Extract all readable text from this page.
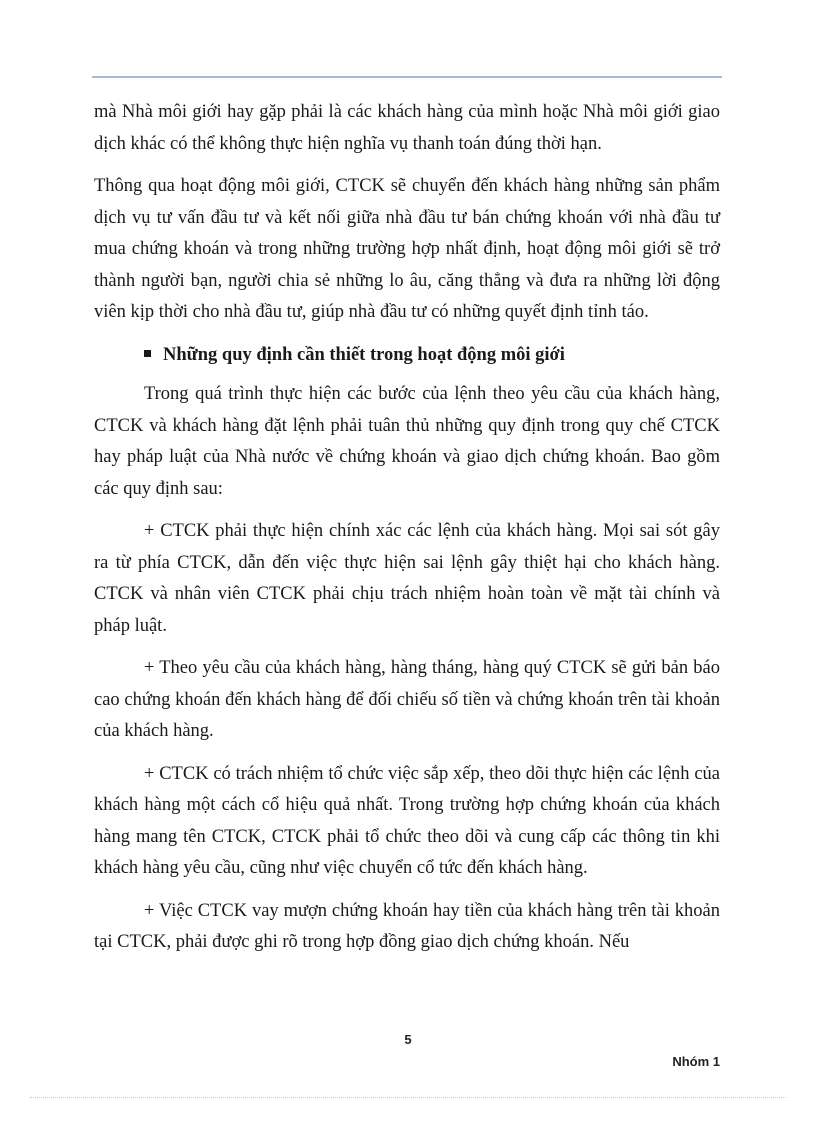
mà Nhà môi giới hay gặp phải là các khách hàng của mình hoặc Nhà môi giới giao dịch khác có thể không thực hiện nghĩa vụ thanh toán đúng thời hạn.

Thông qua hoạt động môi giới, CTCK sẽ chuyển đến khách hàng những sản phẩm dịch vụ tư vấn đầu tư và kết nối giữa nhà đầu tư bán chứng khoán với nhà đầu tư mua chứng khoán và trong những trường hợp nhất định, hoạt động môi giới sẽ trở thành người bạn, người chia sẻ những lo âu, căng thẳng và đưa ra những lời động viên kịp thời cho nhà đầu tư, giúp nhà đầu tư có những quyết định tỉnh táo.

Những quy định cần thiết trong hoạt động môi giới

Trong quá trình thực hiện các bước của lệnh theo yêu cầu của khách hàng, CTCK và khách hàng đặt lệnh phải tuân thủ những quy định trong quy chế CTCK hay pháp luật của Nhà nước về chứng khoán và giao dịch chứng khoán. Bao gồm các quy định sau:

+ CTCK phải thực hiện chính xác các lệnh của khách hàng. Mọi sai sót gây ra từ phía CTCK, dẫn đến việc thực hiện sai lệnh gây thiệt hại cho khách hàng. CTCK và nhân viên CTCK phải chịu trách nhiệm hoàn toàn về mặt tài chính và pháp luật.

+ Theo yêu cầu của khách hàng, hàng tháng, hàng quý CTCK sẽ gửi bản báo cao chứng khoán đến khách hàng để đối chiếu số tiền và chứng khoán trên tài khoản của khách hàng.

+ CTCK có trách nhiệm tổ chức việc sắp xếp, theo dõi thực hiện các lệnh của khách hàng một cách cổ hiệu quả nhất. Trong trường hợp chứng khoán của khách hàng mang tên CTCK, CTCK phải tổ chức theo dõi và cung cấp các thông tin khi khách hàng yêu cầu, cũng như việc chuyển cổ tức đến khách hàng.

+ Việc CTCK vay mượn chứng khoán hay tiền của khách hàng trên tài khoản tại CTCK, phải được ghi rõ trong hợp đồng giao dịch chứng khoán. Nếu

5
Nhóm 1
